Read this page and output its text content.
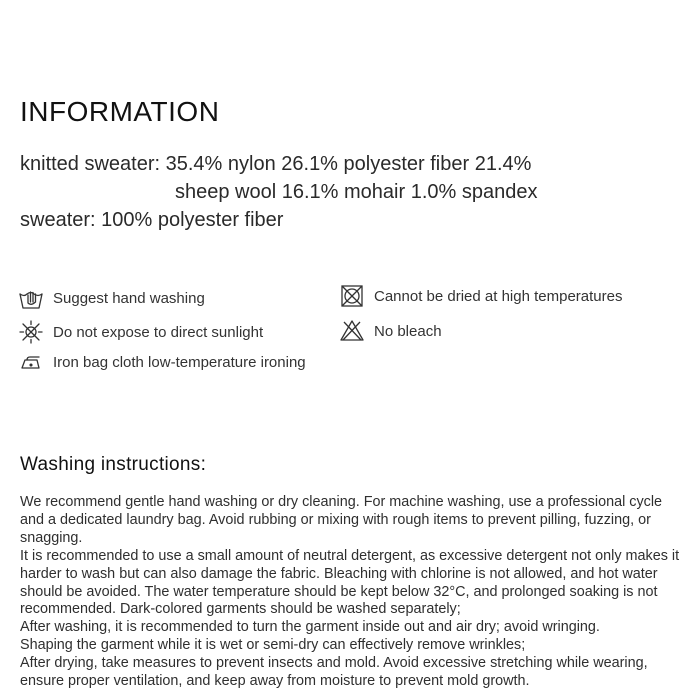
INFORMATION
knitted sweater: 35.4% nylon 26.1% polyester fiber 21.4%
sheep wool 16.1% mohair 1.0% spandex
sweater: 100% polyester fiber
Suggest hand washing	Cannot be dried at high temperatures
Do not expose to direct sunlight	No bleach
Iron bag cloth low-temperature ironing
Washing instructions:

We recommend gentle hand washing or dry cleaning. For machine washing, use a professional cycle and a dedicated laundry bag. Avoid rubbing or mixing with rough items to prevent pilling, fuzzing, or snagging.

It is recommended to use a small amount of neutral detergent, as excessive detergent not only makes it harder to wash but can also damage the fabric. Bleaching with chlorine is not allowed, and hot water should be avoided. The water temperature should be kept below 32°C, and prolonged soaking is not recommended. Dark-colored garments should be washed separately;

After washing, it is recommended to turn the garment inside out and air dry; avoid wringing.

Shaping the garment while it is wet or semi-dry can effectively remove wrinkles;

After drying, take measures to prevent insects and mold. Avoid excessive stretching while wearing, ensure proper ventilation, and keep away from moisture to prevent mold growth.
